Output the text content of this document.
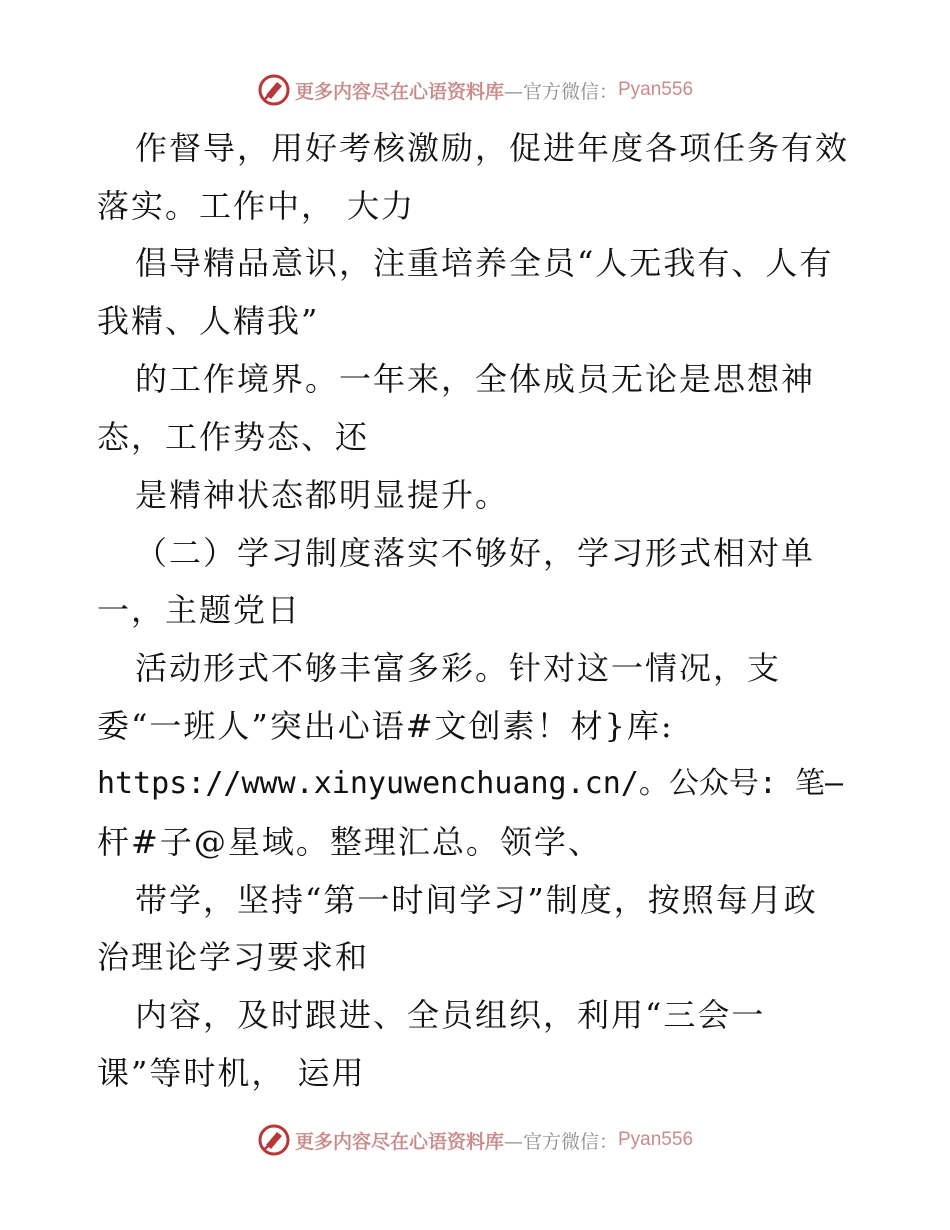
更多内容尽在心语资料库 —官方微信： Pyan556
作督导，用好考核激励，促进年度各项任务有效
落实。工作中， 大力
倡导精品意识，注重培养全员“人无我有、人有
我精、人精我”
的工作境界。一年来，全体成员无论是思想神
态，工作势态、还
是精神状态都明显提升。
（二）学习制度落实不够好，学习形式相对单
一，主题党日
活动形式不够丰富多彩。针对这一情况，支
委“一班人”突出心语#文创素！材}库:
https://www.xinyuwenchuang.cn/。公众号: 笔—
杆#子@星域。整理汇总。领学、
带学，坚持“第一时间学习”制度，按照每月政
治理论学习要求和
内容，及时跟进、全员组织，利用“三会一
课”等时机， 运用
更多内容尽在心语资料库 —官方微信： Pyan556
